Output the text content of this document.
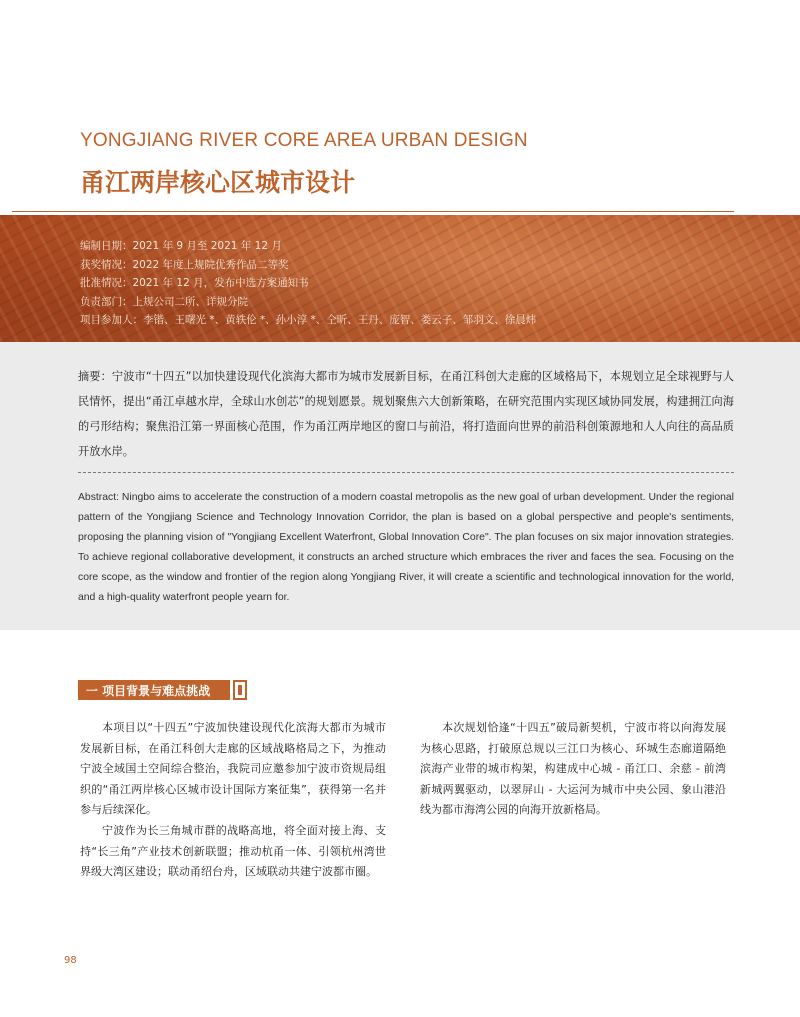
YONGJIANG RIVER CORE AREA URBAN DESIGN
甬江两岸核心区城市设计
编制日期：2021 年 9 月至 2021 年 12 月
获奖情况：2022 年度上规院优秀作品二等奖
批准情况：2021 年 12 月，发布中选方案通知书
负责部门：上规公司二所、详规分院
项目参加人：李锴、王曙光 *、黄轶伦 *、孙小淳 *、仝昕、王丹、庞智、娄云子、邹羽文、徐晨炜
摘要：宁波市“十四五”以加快建设现代化滨海大都市为城市发展新目标，在甬江科创大走廊的区域格局下，本规划立足全球视野与人民情怀，提出“甬江卓越水岸，全球山水创芯”的规划愿景。规划聚焦六大创新策略，在研究范围内实现区域协同发展，构建拥江向海的弓形结构；聚焦沿江第一界面核心范围，作为甬江两岸地区的窗口与前沿，将打造面向世界的前沿科创策源地和人人向往的高品质开放水岸。
Abstract: Ningbo aims to accelerate the construction of a modern coastal metropolis as the new goal of urban development. Under the regional pattern of the Yongjiang Science and Technology Innovation Corridor, the plan is based on a global perspective and people's sentiments, proposing the planning vision of "Yongjiang Excellent Waterfront, Global Innovation Core". The plan focuses on six major innovation strategies. To achieve regional collaborative development, it constructs an arched structure which embraces the river and faces the sea. Focusing on the core scope, as the window and frontier of the region along Yongjiang River, it will create a scientific and technological innovation for the world, and a high-quality waterfront people yearn for.
一 项目背景与难点挑战

本项目以“十四五”宁波加快建设现代化滨海大都市为城市发展新目标，在甬江科创大走廊的区域战略格局之下，为推动宁波全域国土空间综合整治，我院司应邀参加宁波市资规局组织的“甬江两岸核心区城市设计国际方案征集”，获得第一名并参与后续深化。

宁波作为长三角城市群的战略高地，将全面对接上海、支持“长三角”产业技术创新联盟；推动杭甬一体、引领杭州湾世界级大湾区建设；联动甬绍台舟，区域联动共建宁波都市圈。

本次规划恰逢“十四五”破局新契机，宁波市将以向海发展为核心思路，打破原总规以三江口为核心、环城生态廊道隔绝滨海产业带的城市构架，构建成中心城 - 甬江口、余慈 - 前湾新城两翼驱动，以翠屏山 - 大运河为城市中央公园、象山港沿线为都市海湾公园的向海开放新格局。

98
